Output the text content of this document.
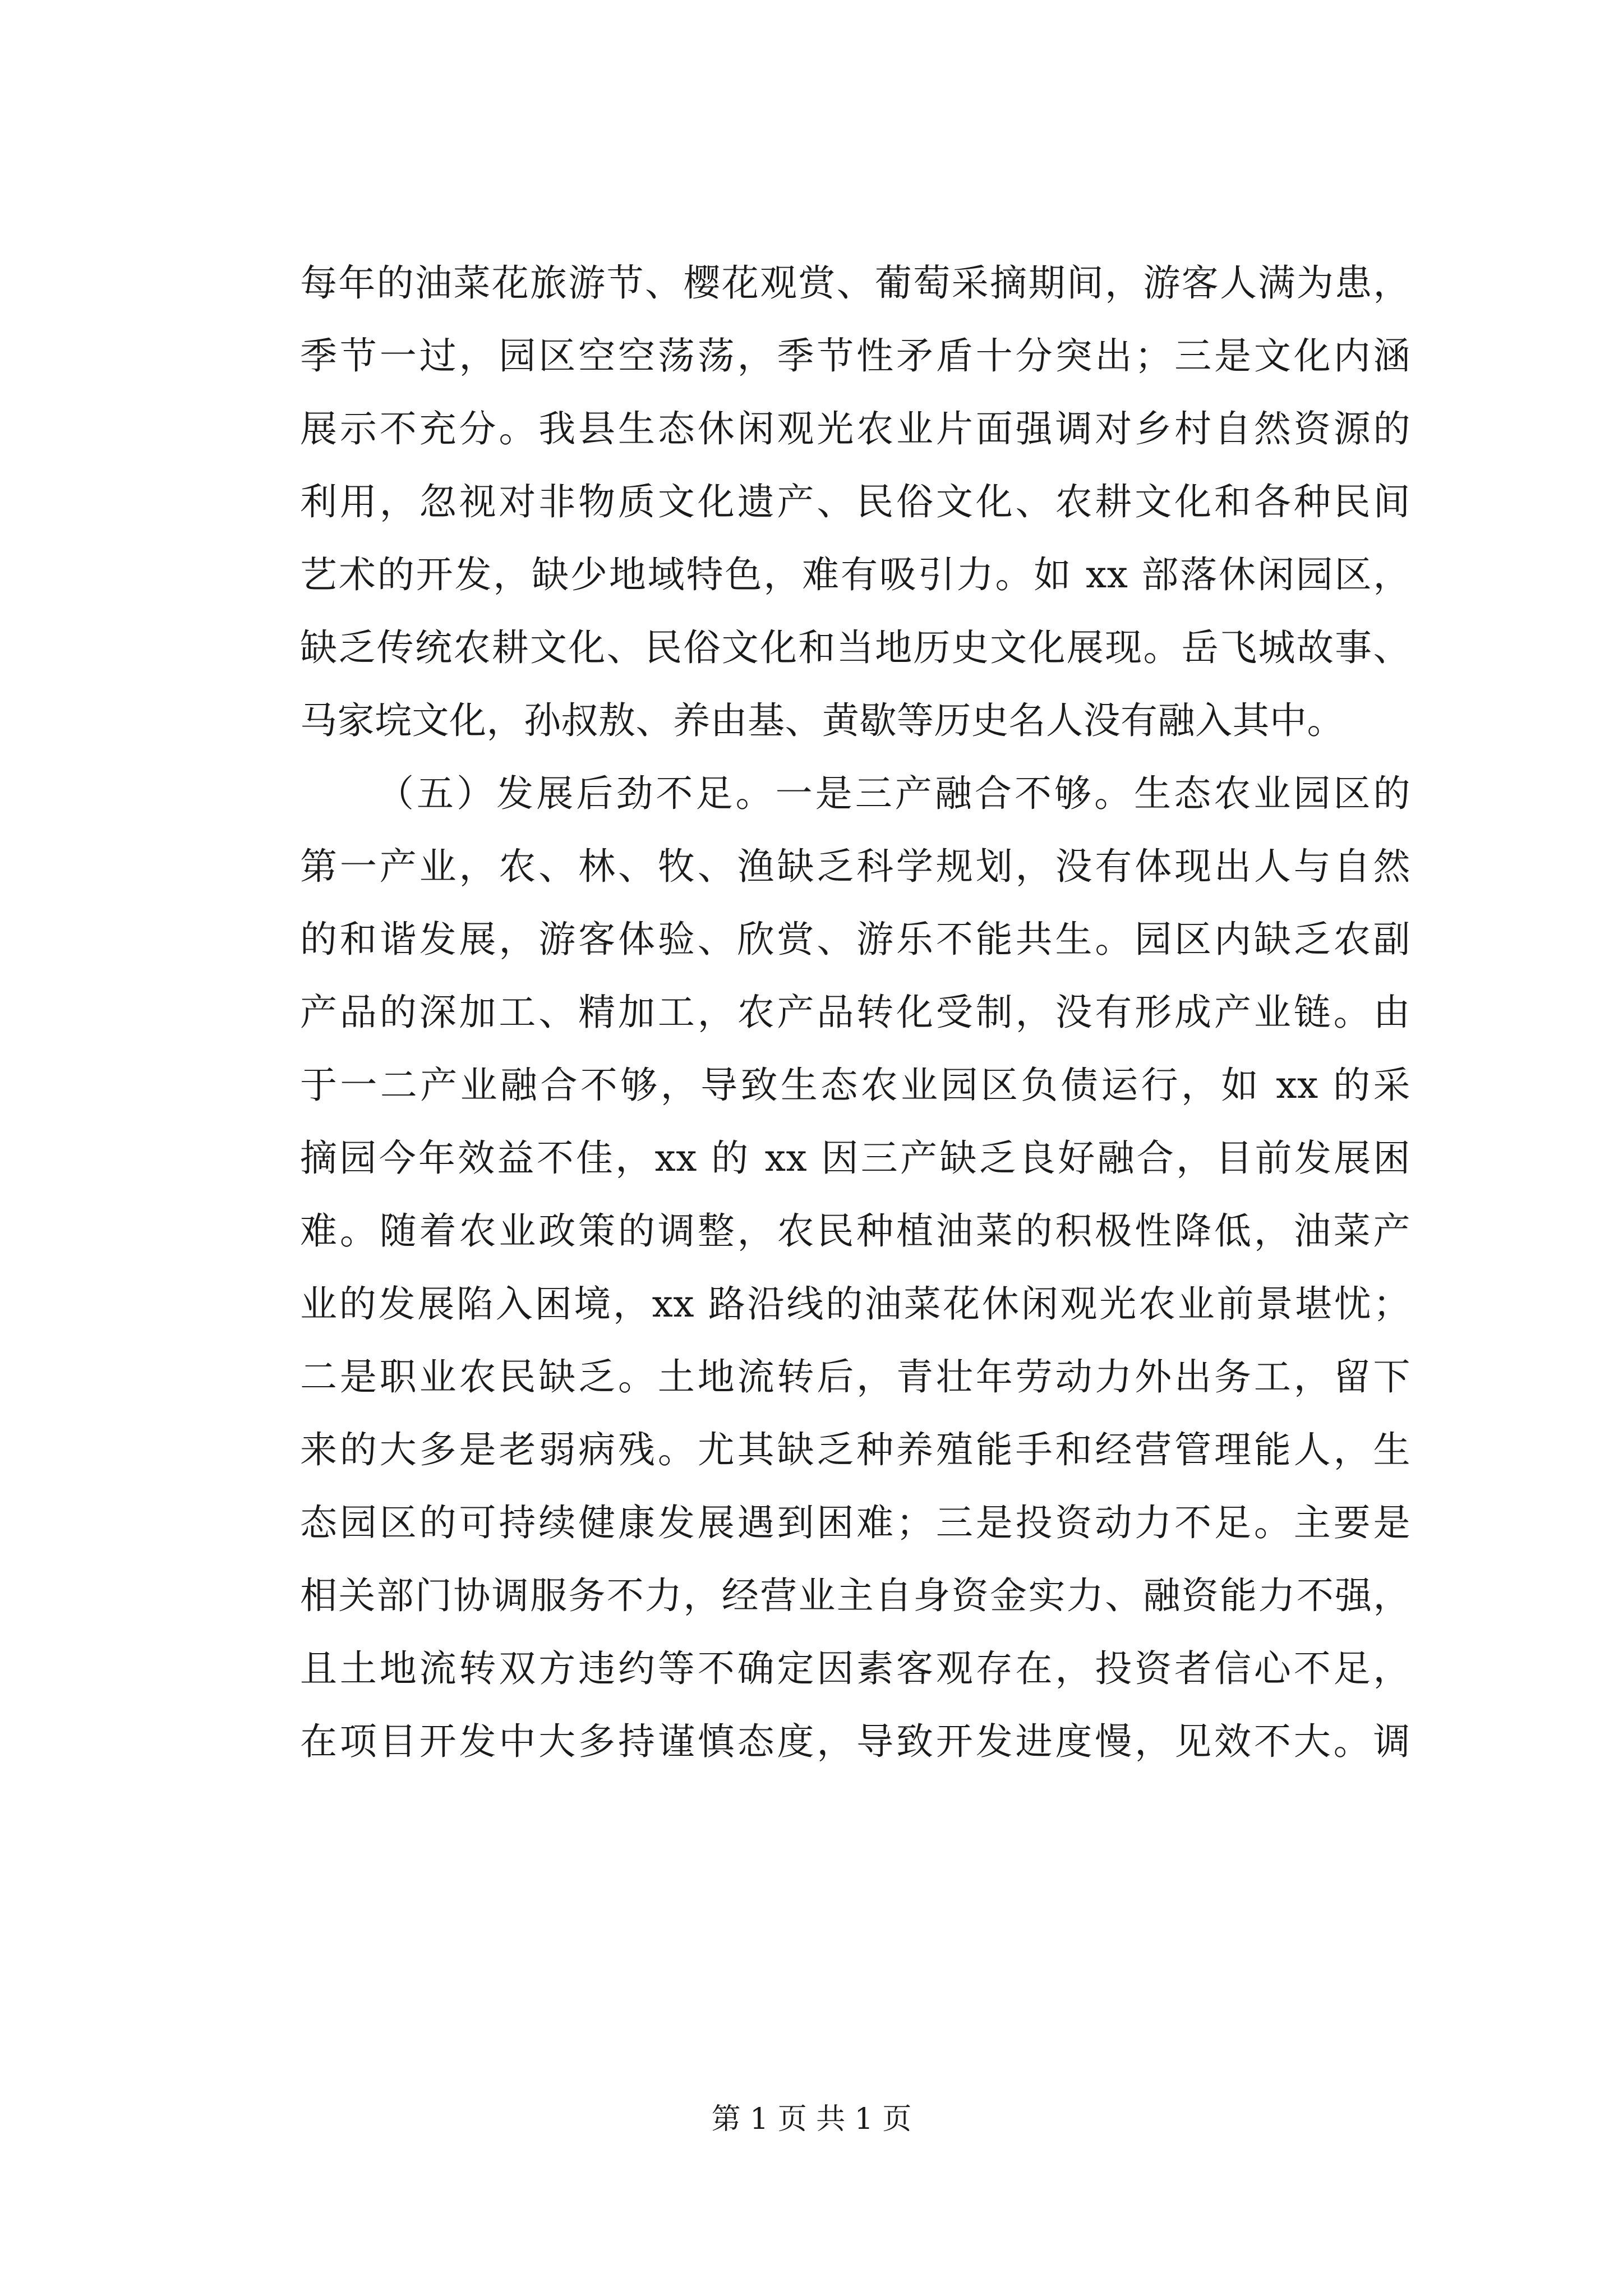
每年的油菜花旅游节、樱花观赏、葡萄采摘期间，游客人满为患，
季节一过，园区空空荡荡，季节性矛盾十分突出；三是文化内涵
展示不充分。我县生态休闲观光农业片面强调对乡村自然资源的
利用，忽视对非物质文化遗产、民俗文化、农耕文化和各种民间
艺术的开发，缺少地域特色，难有吸引力。如 xx 部落休闲园区，
缺乏传统农耕文化、民俗文化和当地历史文化展现。岳飞城故事、
马家垸文化，孙叔敖、养由基、黄歇等历史名人没有融入其中。
（五）发展后劲不足。一是三产融合不够。生态农业园区的
第一产业，农、林、牧、渔缺乏科学规划，没有体现出人与自然
的和谐发展，游客体验、欣赏、游乐不能共生。园区内缺乏农副
产品的深加工、精加工，农产品转化受制，没有形成产业链。由
于一二产业融合不够，导致生态农业园区负债运行，如 xx 的采
摘园今年效益不佳，xx 的 xx 因三产缺乏良好融合，目前发展困
难。随着农业政策的调整，农民种植油菜的积极性降低，油菜产
业的发展陷入困境，xx 路沿线的油菜花休闲观光农业前景堪忧；
二是职业农民缺乏。土地流转后，青壮年劳动力外出务工，留下
来的大多是老弱病残。尤其缺乏种养殖能手和经营管理能人，生
态园区的可持续健康发展遇到困难；三是投资动力不足。主要是
相关部门协调服务不力，经营业主自身资金实力、融资能力不强，
且土地流转双方违约等不确定因素客观存在，投资者信心不足，
在项目开发中大多持谨慎态度，导致开发进度慢，见效不大。调
第 1 页 共 1 页
